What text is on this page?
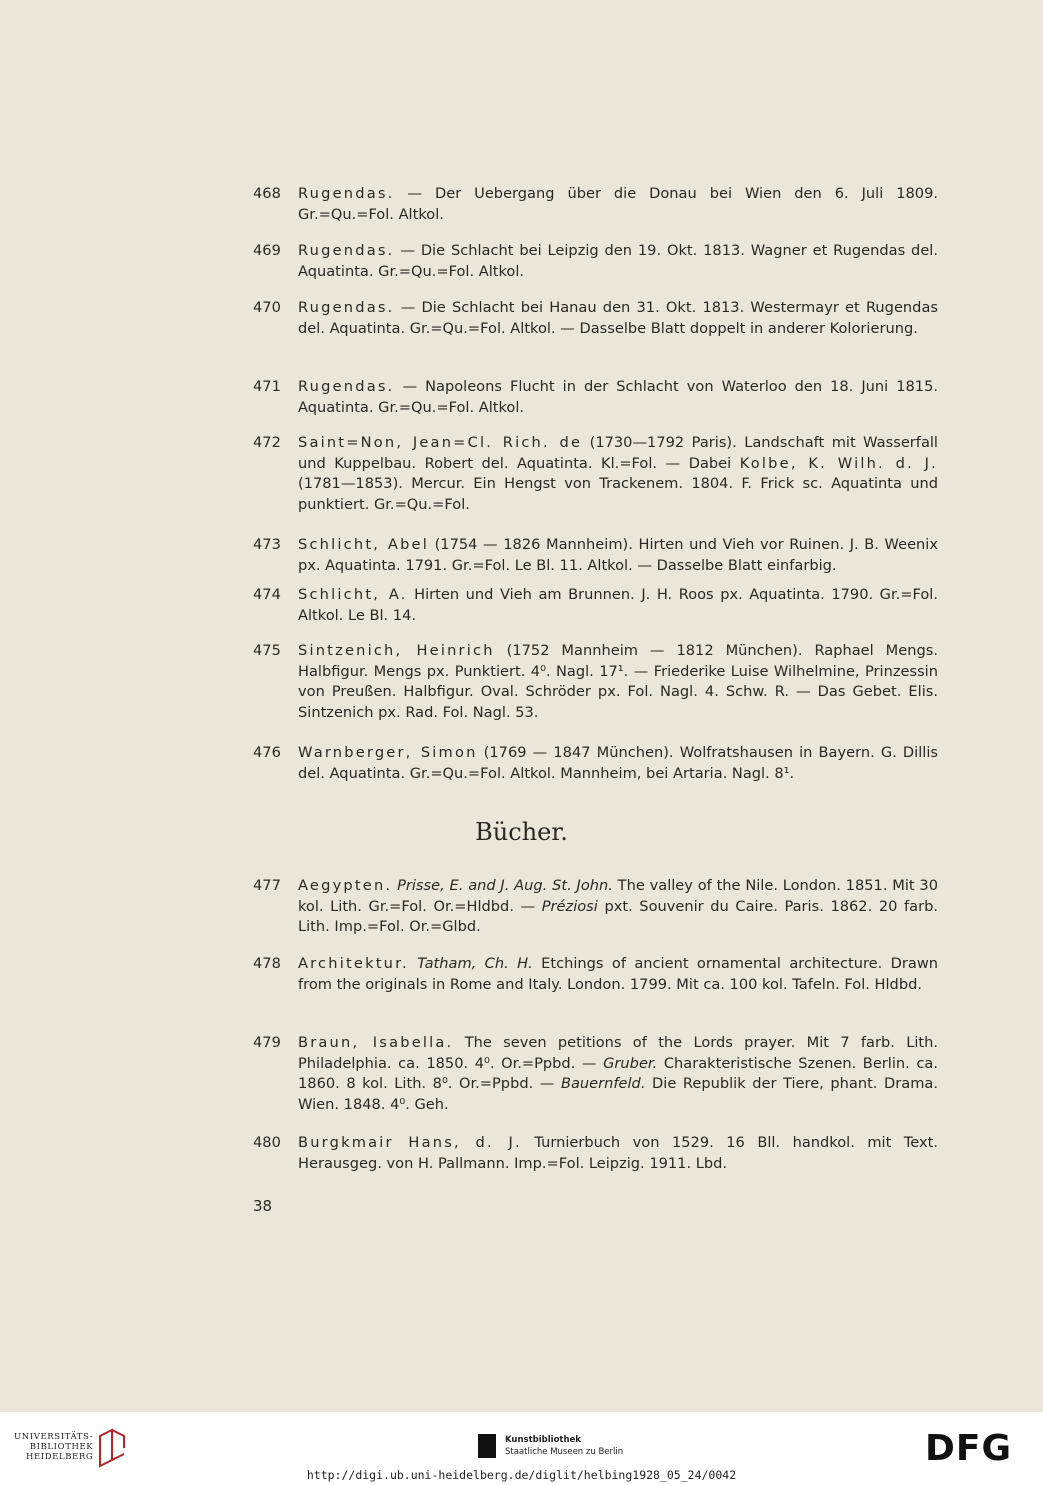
468	Rugendas. — Der Uebergang über die Donau bei Wien den 6. Juli 1809. Gr.=Qu.=Fol. Altkol.
469	Rugendas. — Die Schlacht bei Leipzig den 19. Okt. 1813. Wagner et Rugendas del. Aquatinta. Gr.=Qu.=Fol. Altkol.
470	Rugendas. — Die Schlacht bei Hanau den 31. Okt. 1813. Westermayr et Rugendas del. Aquatinta. Gr.=Qu.=Fol. Altkol. — Dasselbe Blatt doppelt in anderer Kolorierung.
471	Rugendas. — Napoleons Flucht in der Schlacht von Waterloo den 18. Juni 1815. Aquatinta. Gr.=Qu.=Fol. Altkol.
472	Saint=Non, Jean=Cl. Rich. de (1730—1792 Paris). Landschaft mit Wasserfall und Kuppelbau. Robert del. Aquatinta. Kl.=Fol. — Dabei Kolbe, K. Wilh. d. J. (1781—1853). Mercur. Ein Hengst von Trackenem. 1804. F. Frick sc. Aquatinta und punktiert. Gr.=Qu.=Fol.
473	Schlicht, Abel (1754 — 1826 Mannheim). Hirten und Vieh vor Ruinen. J. B. Weenix px. Aquatinta. 1791. Gr.=Fol. Le Bl. 11. Altkol. — Dasselbe Blatt einfarbig.
474	Schlicht, A. Hirten und Vieh am Brunnen. J. H. Roos px. Aquatinta. 1790. Gr.=Fol. Altkol. Le Bl. 14.
475	Sintzenich, Heinrich (1752 Mannheim — 1812 München). Raphael Mengs. Halbfigur. Mengs px. Punktiert. 4⁰. Nagl. 17¹. — Friederike Luise Wilhelmine, Prinzessin von Preußen. Halbfigur. Oval. Schröder px. Fol. Nagl. 4. Schw. R. — Das Gebet. Elis. Sintzenich px. Rad. Fol. Nagl. 53.
476	Warnberger, Simon (1769 — 1847 München). Wolfratshausen in Bayern. G. Dillis del. Aquatinta. Gr.=Qu.=Fol. Altkol. Mannheim, bei Artaria. Nagl. 8¹.
Bücher.
477	Aegypten. Prisse, E. and J. Aug. St. John. The valley of the Nile. London. 1851. Mit 30 kol. Lith. Gr.=Fol. Or.=Hldbd. — Préziosi pxt. Souvenir du Caire. Paris. 1862. 20 farb. Lith. Imp.=Fol. Or.=Glbd.
478	Architektur. Tatham, Ch. H. Etchings of ancient ornamental architecture. Drawn from the originals in Rome and Italy. London. 1799. Mit ca. 100 kol. Tafeln. Fol. Hldbd.
479	Braun, Isabella. The seven petitions of the Lords prayer. Mit 7 farb. Lith. Philadelphia. ca. 1850. 4⁰. Or.=Ppbd. — Gruber. Charakteristische Szenen. Berlin. ca. 1860. 8 kol. Lith. 8⁰. Or.=Ppbd. — Bauernfeld. Die Republik der Tiere, phant. Drama. Wien. 1848. 4⁰. Geh.
480	Burgkmair Hans, d. J. Turnierbuch von 1529. 16 Bll. handkol. mit Text. Herausgeg. von H. Pallmann. Imp.=Fol. Leipzig. 1911. Lbd.
38
UNIVERSITÄTS-
BIBLIOTHEK
HEIDELBERG
Kunstbibliothek
Staatliche Museen zu Berlin	DFG
http://digi.ub.uni-heidelberg.de/diglit/helbing1928_05_24/0042
